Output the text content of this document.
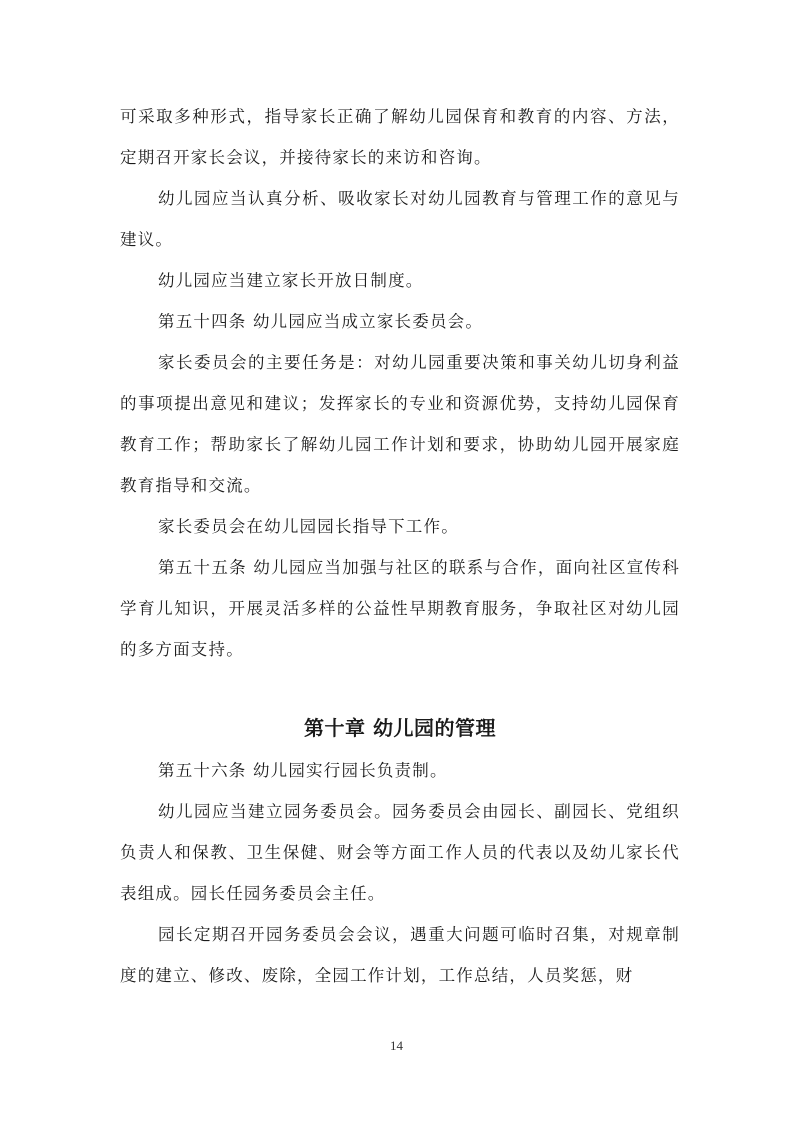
可采取多种形式，指导家长正确了解幼儿园保育和教育的内容、方法，定期召开家长会议，并接待家长的来访和咨询。

幼儿园应当认真分析、吸收家长对幼儿园教育与管理工作的意见与建议。

幼儿园应当建立家长开放日制度。

第五十四条 幼儿园应当成立家长委员会。

家长委员会的主要任务是：对幼儿园重要决策和事关幼儿切身利益的事项提出意见和建议；发挥家长的专业和资源优势，支持幼儿园保育教育工作；帮助家长了解幼儿园工作计划和要求，协助幼儿园开展家庭教育指导和交流。

家长委员会在幼儿园园长指导下工作。

第五十五条 幼儿园应当加强与社区的联系与合作，面向社区宣传科学育儿知识，开展灵活多样的公益性早期教育服务，争取社区对幼儿园的多方面支持。

第十章 幼儿园的管理

第五十六条 幼儿园实行园长负责制。

幼儿园应当建立园务委员会。园务委员会由园长、副园长、党组织负责人和保教、卫生保健、财会等方面工作人员的代表以及幼儿家长代表组成。园长任园务委员会主任。

园长定期召开园务委员会会议，遇重大问题可临时召集，对规章制度的建立、修改、废除，全园工作计划，工作总结，人员奖惩，财

14
